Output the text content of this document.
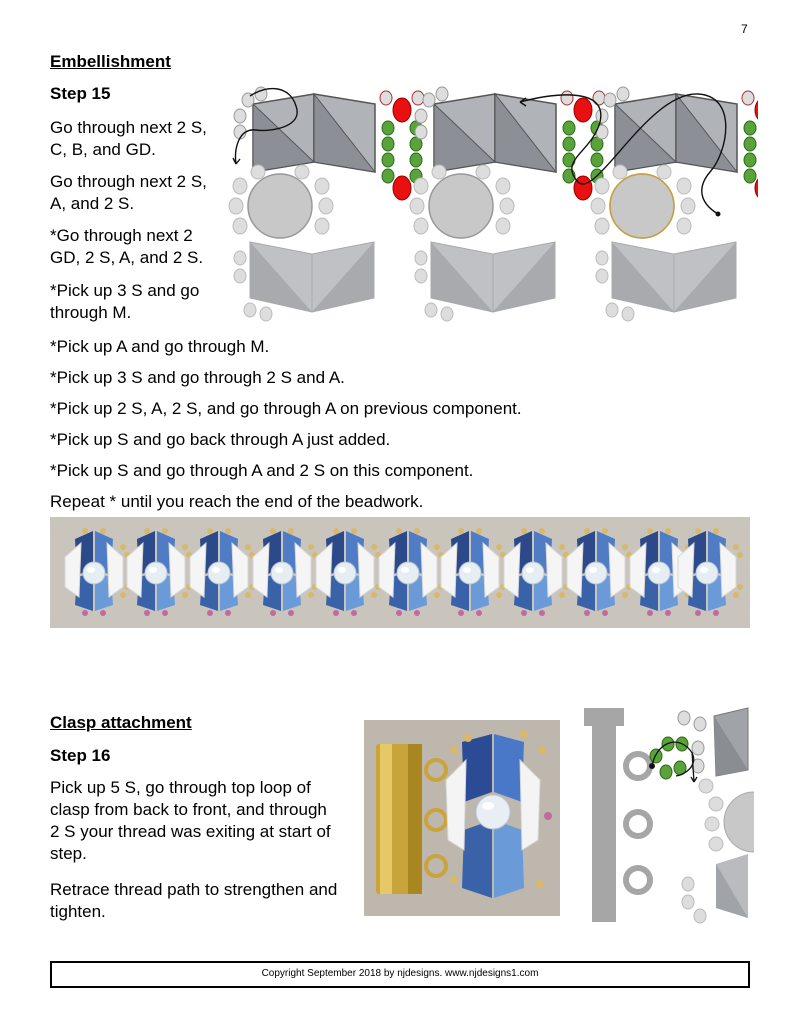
7
Embellishment
Step 15

Go through next 2 S,
C, B, and GD.

Go through next 2 S,
A, and 2 S.

*Go through next 2
GD, 2 S, A, and 2 S.

*Pick up 3 S and go
through M.

*Pick up A and go through M.

*Pick up 3 S and go through 2 S and A.

*Pick up 2 S, A, 2 S, and go through A on previous component.

*Pick up S and go back through A just added.

*Pick up S and go through A and 2 S on this component.

Repeat * until you reach the end of the beadwork.

Clasp attachment
Step 16

Pick up 5 S, go through top loop of
clasp from back to front, and through
2 S your thread was exiting at start of
step.

Retrace thread path to strengthen and
tighten.

Copyright September 2018 by njdesigns. www.njdesigns1.com
